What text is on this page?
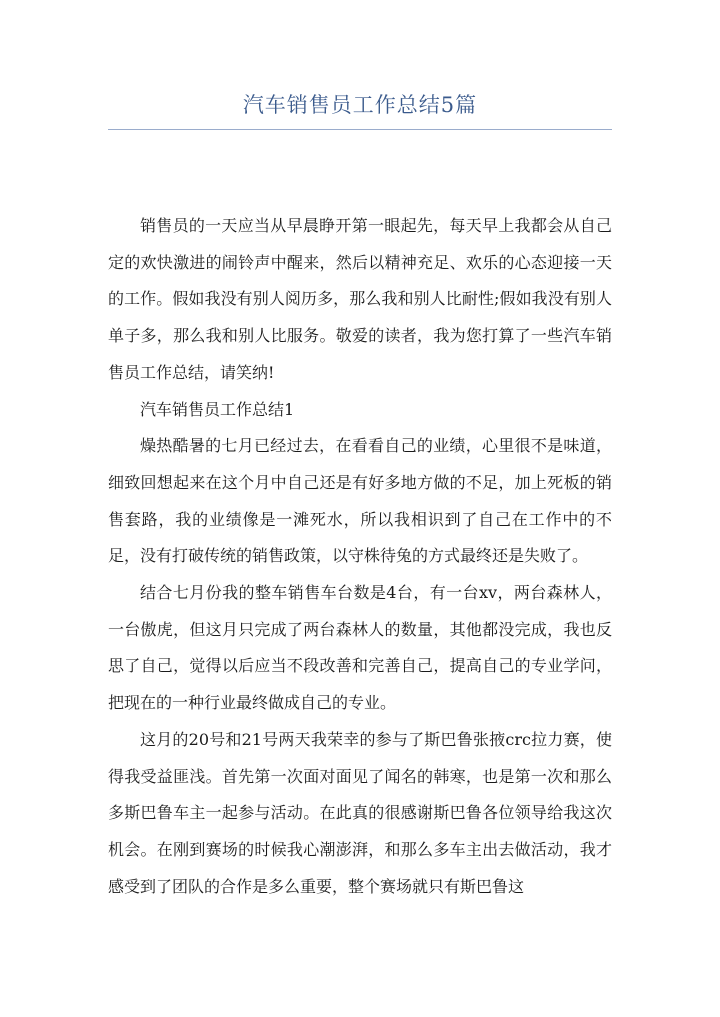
汽车销售员工作总结5篇

销售员的一天应当从早晨睁开第一眼起先，每天早上我都会从自己定的欢快激进的闹铃声中醒来，然后以精神充足、欢乐的心态迎接一天的工作。假如我没有别人阅历多，那么我和别人比耐性;假如我没有别人单子多，那么我和别人比服务。敬爱的读者，我为您打算了一些汽车销售员工作总结，请笑纳!

汽车销售员工作总结1

燥热酷暑的七月已经过去，在看看自己的业绩，心里很不是味道，细致回想起来在这个月中自己还是有好多地方做的不足，加上死板的销售套路，我的业绩像是一滩死水，所以我相识到了自己在工作中的不足，没有打破传统的销售政策，以守株待兔的方式最终还是失败了。

结合七月份我的整车销售车台数是4台，有一台xv，两台森林人，一台傲虎，但这月只完成了两台森林人的数量，其他都没完成，我也反思了自己，觉得以后应当不段改善和完善自己，提高自己的专业学问，把现在的一种行业最终做成自己的专业。

这月的20号和21号两天我荣幸的参与了斯巴鲁张掖crc拉力赛，使得我受益匪浅。首先第一次面对面见了闻名的韩寒，也是第一次和那么多斯巴鲁车主一起参与活动。在此真的很感谢斯巴鲁各位领导给我这次机会。在刚到赛场的时候我心潮澎湃，和那么多车主出去做活动，我才感受到了团队的合作是多么重要，整个赛场就只有斯巴鲁这
